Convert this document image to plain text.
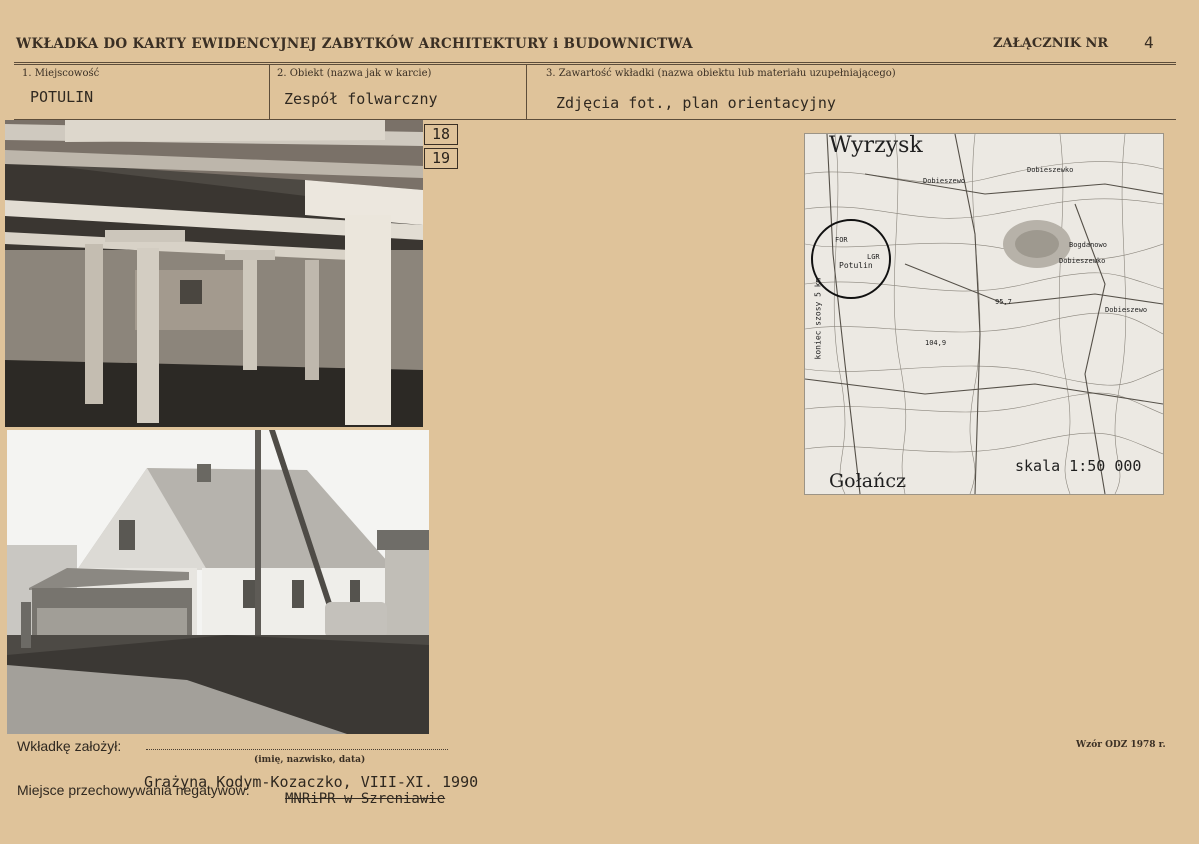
WKŁADKA DO KARTY EWIDENCYJNEJ ZABYTKÓW ARCHITEKTURY i BUDOWNICTWA	ZAŁĄCZNIK NR 4
1. Miejscowość
POTULIN
2. Obiekt (nazwa jak w karcie)
Zespół folwarczny
3. Zawartość wkładki (nazwa obiektu lub materiału uzupełniającego)
Zdjęcia fot., plan orientacyjny
18
19	Wyrzysk
Gołańcz
skala 1:50 000
Potulin
koniec szosy 5 km
Dobieszewo
Dobieszewko
Dobieszewko
Bogdanowo
104,9
95,7
LGR
FOR
Dobieszewo
Wkładkę założył:
(imię, nazwisko, data)
Grażyna Kodym-Kozaczko, VIII-XI. 1990
Miejsce przechowywania negatywów:
MNRiPR w Szreniawie
Wzór ODZ 1978 r.
